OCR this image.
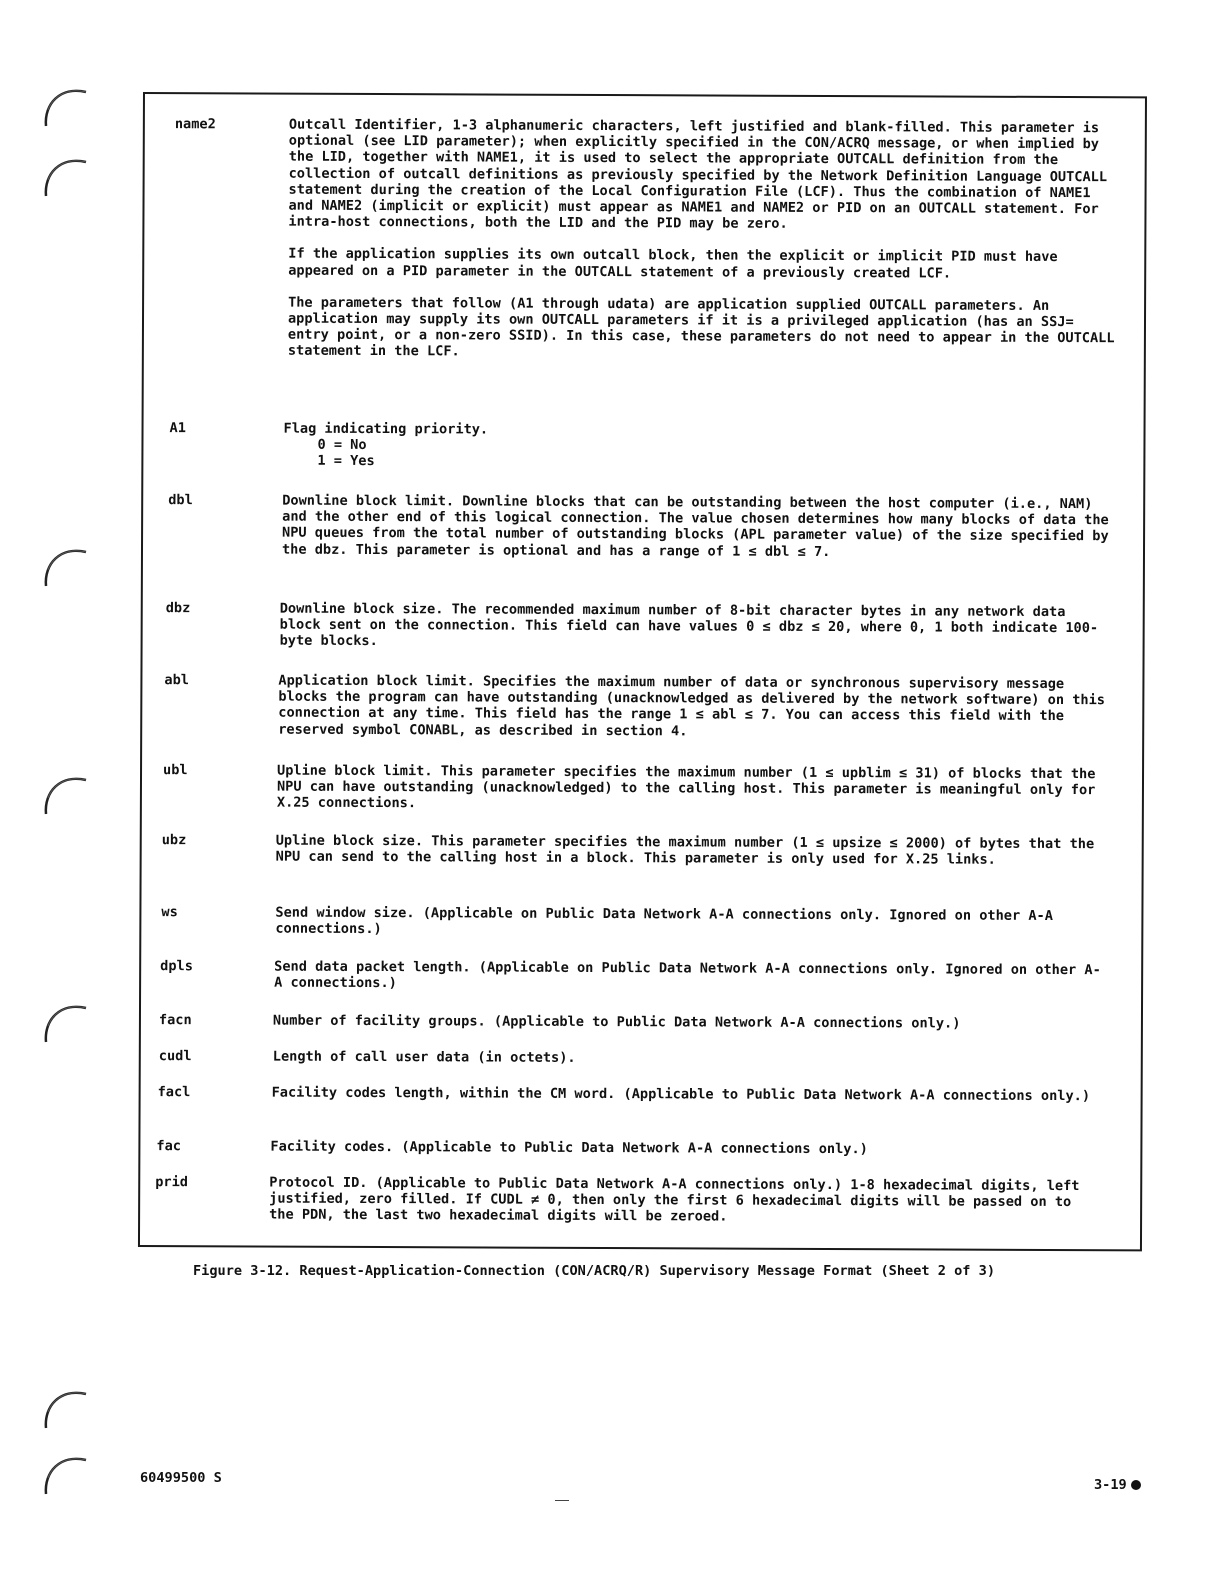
name2	Outcall Identifier, 1-3 alphanumeric characters, left justified and blank-filled. This parameter is optional (see LID parameter); when explicitly specified in the CON/ACRQ message, or when implied by the LID, together with NAME1, it is used to select the appropriate OUTCALL definition from the collection of outcall definitions as previously specified by the Network Definition Language OUTCALL statement during the creation of the Local Configuration File (LCF). Thus the combination of NAME1 and NAME2 (implicit or explicit) must appear as NAME1 and NAME2 or PID on an OUTCALL statement. For intra-host connections, both the LID and the PID may be zero.

If the application supplies its own outcall block, then the explicit or implicit PID must have appeared on a PID parameter in the OUTCALL statement of a previously created LCF.

The parameters that follow (A1 through udata) are application supplied OUTCALL parameters. An application may supply its own OUTCALL parameters if it is a privileged application (has an SSJ= entry point, or a non-zero SSID). In this case, these parameters do not need to appear in the OUTCALL statement in the LCF.

A1	Flag indicating priority.
0 = No
1 = Yes
dbl	Downline block limit. Downline blocks that can be outstanding between the host computer (i.e., NAM) and the other end of this logical connection. The value chosen determines how many blocks of data the NPU queues from the total number of outstanding blocks (APL parameter value) of the size specified by the dbz. This parameter is optional and has a range of 1 ≤ dbl ≤ 7.
dbz	Downline block size. The recommended maximum number of 8-bit character bytes in any network data block sent on the connection. This field can have values 0 ≤ dbz ≤ 20, where 0, 1 both indicate 100-byte blocks.
abl	Application block limit. Specifies the maximum number of data or synchronous supervisory message blocks the program can have outstanding (unacknowledged as delivered by the network software) on this connection at any time. This field has the range 1 ≤ abl ≤ 7. You can access this field with the reserved symbol CONABL, as described in section 4.
ubl	Upline block limit. This parameter specifies the maximum number (1 ≤ upblim ≤ 31) of blocks that the NPU can have outstanding (unacknowledged) to the calling host. This parameter is meaningful only for X.25 connections.
ubz	Upline block size. This parameter specifies the maximum number (1 ≤ upsize ≤ 2000) of bytes that the NPU can send to the calling host in a block. This parameter is only used for X.25 links.
ws	Send window size. (Applicable on Public Data Network A-A connections only. Ignored on other A-A connections.)
dpls	Send data packet length. (Applicable on Public Data Network A-A connections only. Ignored on other A-A connections.)
facn	Number of facility groups. (Applicable to Public Data Network A-A connections only.)
cudl	Length of call user data (in octets).
facl	Facility codes length, within the CM word. (Applicable to Public Data Network A-A connections only.)
fac	Facility codes. (Applicable to Public Data Network A-A connections only.)
prid	Protocol ID. (Applicable to Public Data Network A-A connections only.) 1-8 hexadecimal digits, left justified, zero filled. If CUDL ≠ 0, then only the first 6 hexadecimal digits will be passed on to the PDN, the last two hexadecimal digits will be zeroed.
Figure 3-12. Request-Application-Connection (CON/ACRQ/R) Supervisory Message Format (Sheet 2 of 3)
60499500 S	3-19
